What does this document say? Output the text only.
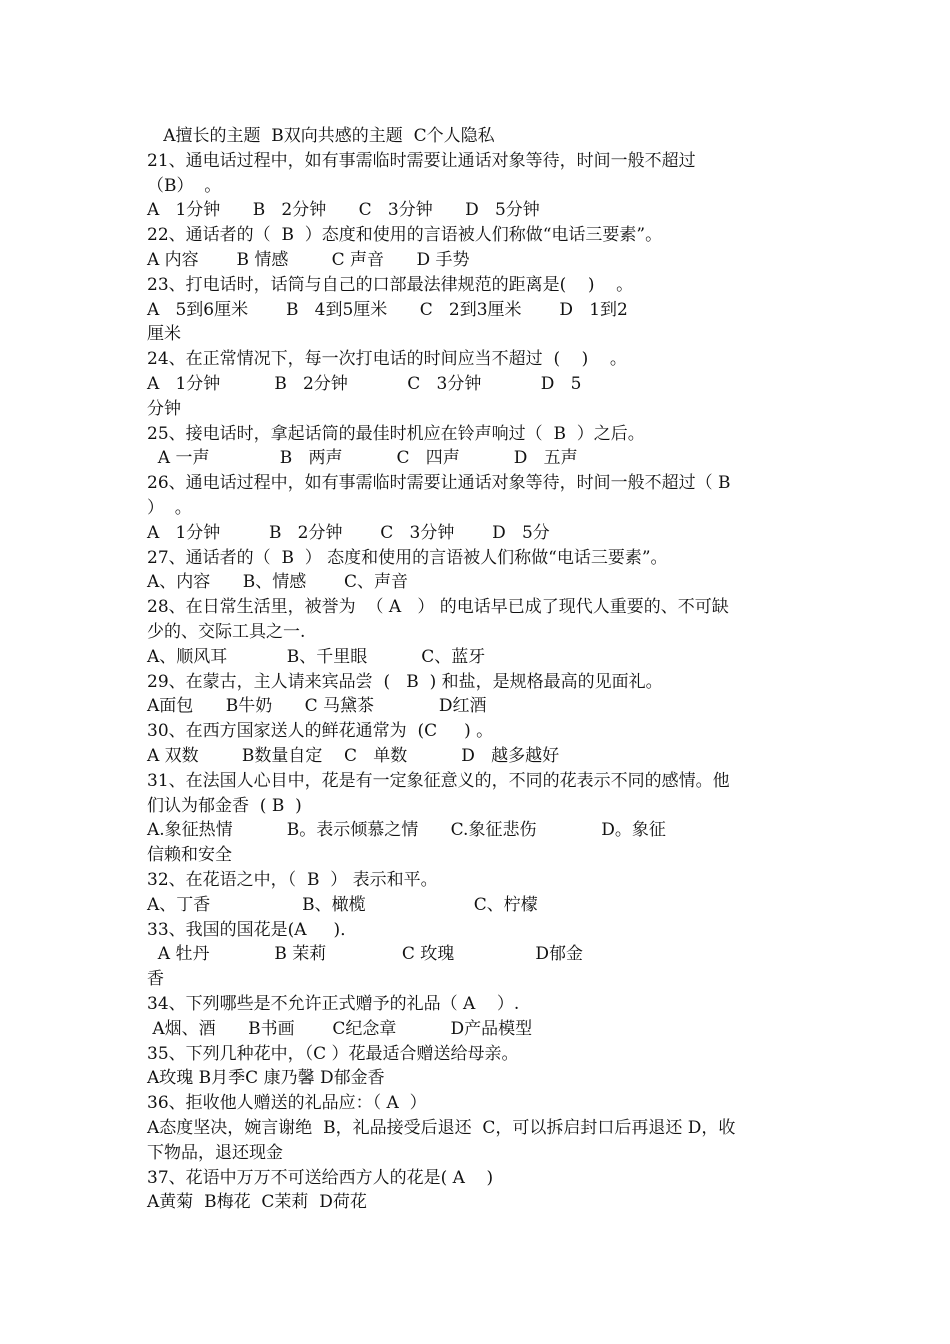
A擅长的主题  B双向共感的主题  C个人隐私
21、通电话过程中，如有事需临时需要让通话对象等待，时间一般不超过
（B）  。
A   1分钟      B   2分钟      C   3分钟      D   5分钟
22、通话者的（  B  ）态度和使用的言语被人们称做“电话三要素”。
A 内容       B 情感        C 声音      D 手势
23、打电话时，话筒与自己的口部最法律规范的距离是(    )    。
A   5到6厘米       B   4到5厘米      C   2到3厘米       D   1到2
厘米
24、在正常情况下，每一次打电话的时间应当不超过  (    )    。
A   1分钟          B   2分钟           C   3分钟           D   5
分钟
25、接电话时，拿起话筒的最佳时机应在铃声响过（  B  ）之后。
A 一声             B   两声          C   四声          D   五声
26、通电话过程中，如有事需临时需要让通话对象等待，时间一般不超过（ B
）  。
A   1分钟         B   2分钟       C   3分钟       D   5分
27、通话者的（  B  ） 态度和使用的言语被人们称做“电话三要素”。
A、内容      B、情感       C、声音
28、在日常生活里，被誉为  （ A   ） 的电话早已成了现代人重要的、不可缺
少的、交际工具之一.
A、顺风耳           B、千里眼          C、蓝牙
29、在蒙古，主人请来宾品尝  (   B  ) 和盐，是规格最高的见面礼。
A面包      B牛奶      C 马黛茶            D红酒
30、在西方国家送人的鲜花通常为  (C     ) 。
A 双数        B数量自定    C   单数          D   越多越好
31、在法国人心目中，花是有一定象征意义的，不同的花表示不同的感情。他
们认为郁金香  ( B  )
A.象征热情          B。表示倾慕之情      C.象征悲伤            D。象征
信赖和安全
32、在花语之中，（  B  ） 表示和平。
A、丁香                 B、橄榄                    C、柠檬
33、我国的国花是(A     )．
A 牡丹            B 茉莉              C 玫瑰               D郁金
香
34、下列哪些是不允许正式赠予的礼品（ A    ）.
A烟、酒      B书画       C纪念章          D产品模型
35、下列几种花中，（C ）花最适合赠送给母亲。
A玫瑰 B月季C 康乃馨 D郁金香
36、拒收他人赠送的礼品应：（ A  ）
A态度坚决，婉言谢绝  B，礼品接受后退还  C，可以拆启封口后再退还 D，收
下物品，退还现金
37、花语中万万不可送给西方人的花是( A    )
A黄菊  B梅花  C茉莉  D荷花
